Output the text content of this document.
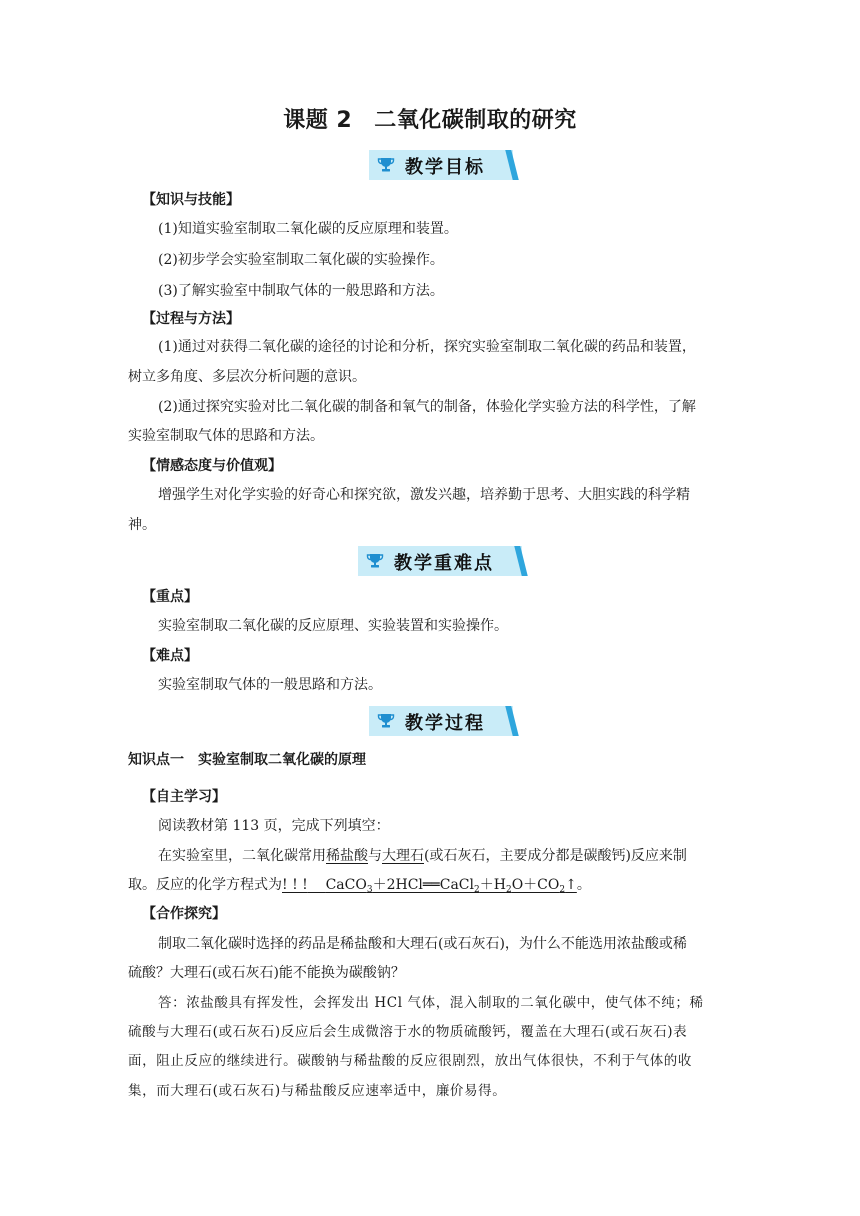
课题 2 二氧化碳制取的研究
教学目标
【知识与技能】
(1)知道实验室制取二氧化碳的反应原理和装置。
(2)初步学会实验室制取二氧化碳的实验操作。
(3)了解实验室中制取气体的一般思路和方法。
【过程与方法】
(1)通过对获得二氧化碳的途径的讨论和分析，探究实验室制取二氧化碳的药品和装置，
树立多角度、多层次分析问题的意识。
(2)通过探究实验对比二氧化碳的制备和氧气的制备，体验化学实验方法的科学性，了解
实验室制取气体的思路和方法。
【情感态度与价值观】
增强学生对化学实验的好奇心和探究欲，激发兴趣，培养勤于思考、大胆实践的科学精
神。
教学重难点
【重点】
实验室制取二氧化碳的反应原理、实验装置和实验操作。
【难点】
实验室制取气体的一般思路和方法。
教学过程
知识点一　实验室制取二氧化碳的原理
【自主学习】
阅读教材第 113 页，完成下列填空：
在实验室里，二氧化碳常用稀盐酸与大理石(或石灰石，主要成分都是碳酸钙)反应来制
取。反应的化学方程式为! ! ! $CaCO_3+2HCl══CaCl_2+H_2O+CO_2↑$。
【合作探究】
制取二氧化碳时选择的药品是稀盐酸和大理石(或石灰石)，为什么不能选用浓盐酸或稀
硫酸？大理石(或石灰石)能不能换为碳酸钠？
答：浓盐酸具有挥发性，会挥发出 HCl 气体，混入制取的二氧化碳中，使气体不纯；稀
硫酸与大理石(或石灰石)反应后会生成微溶于水的物质硫酸钙，覆盖在大理石(或石灰石)表
面，阻止反应的继续进行。碳酸钠与稀盐酸的反应很剧烈，放出气体很快，不利于气体的收
集，而大理石(或石灰石)与稀盐酸反应速率适中，廉价易得。
